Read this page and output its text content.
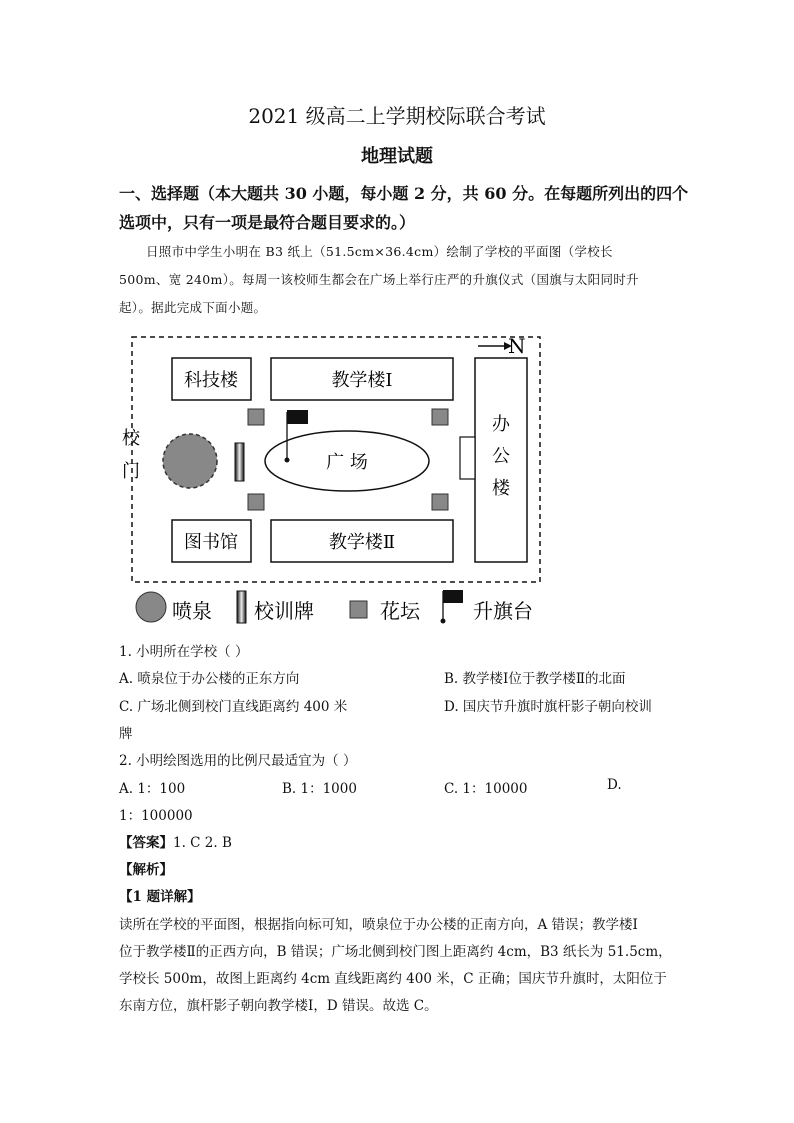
2021 级高二上学期校际联合考试
地理试题
一、选择题（本大题共 30 小题，每小题 2 分，共 60 分。在每题所列出的四个
选项中，只有一项是最符合题目要求的。）
日照市中学生小明在 B3 纸上（51.5cm×36.4cm）绘制了学校的平面图（学校长
500m、宽 240m）。每周一该校师生都会在广场上举行庄严的升旗仪式（国旗与太阳同时升
起）。据此完成下面小题。
N
科技楼	教学楼Ⅰ
图书馆	教学楼Ⅱ
办
公
楼
校
门	广 场
喷泉 校训牌	花坛	升旗台
1. 小明所在学校（ ）
A. 喷泉位于办公楼的正东方向	B. 教学楼Ⅰ位于教学楼Ⅱ的北面
C. 广场北侧到校门直线距离约 400 米	D. 国庆节升旗时旗杆影子朝向校训
牌
2. 小明绘图选用的比例尺最适宜为（ ）
A. 1：100	B. 1：1000	C. 1：10000	D.
1：100000
【答案】1. C 2. B
【解析】
【1 题详解】
读所在学校的平面图，根据指向标可知，喷泉位于办公楼的正南方向，A 错误；教学楼Ⅰ
位于教学楼Ⅱ的正西方向，B 错误；广场北侧到校门图上距离约 4cm，B3 纸长为 51.5cm，
学校长 500m，故图上距离约 4cm 直线距离约 400 米，C 正确；国庆节升旗时，太阳位于
东南方位，旗杆影子朝向教学楼Ⅰ，D 错误。故选 C。
